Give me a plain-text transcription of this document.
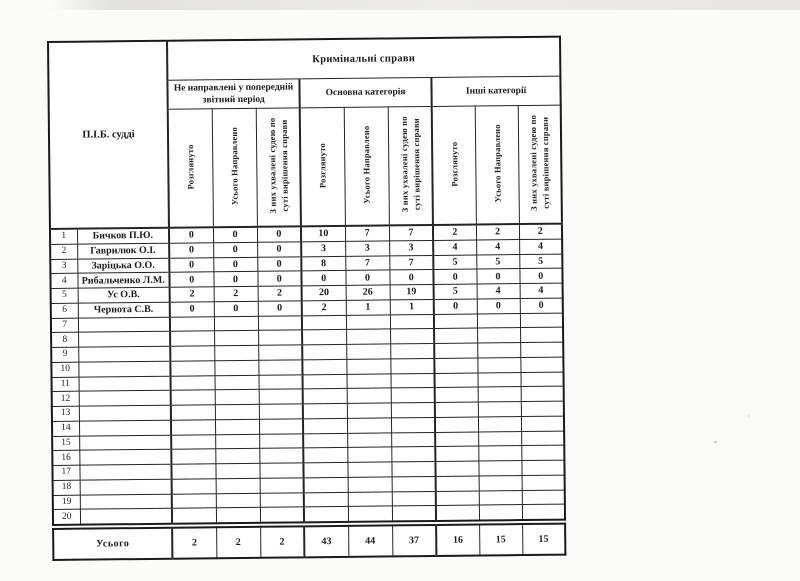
П.І.Б. судді		Кримінальні справи								
		Не направлені у попередній звітний період			Основна категорія			Інші категорії		
		Розглянуто	Усього Направлено	З них ухвалені судею по суті вирішення справи	Розглянуто	Усього Направлено	З них ухвалені судею по суті вирішення справи	Розглянуто	Усього Направлено	З них ухвалені судею по суті вирішення справи
1	Бичков П.Ю.	0	0	0	10	7	7	2	2	2
2	Гаврилюк О.І.	0	0	0	3	3	3	4	4	4
3	Заріцька О.О.	0	0	0	8	7	7	5	5	5
4	Рибальченко Л.М.	0	0	0	0	0	0	0	0	0
5	Ус О.В.	2	2	2	20	26	19	5	4	4
6	Чернота С.В.	0	0	0	2	1	1	0	0	0
7										
8										
9										
10										
11										
12										
13										
14										
15										
16										
17										
18										
19										
20										
Усього	2	2	2	43	44	37	16	15	15
